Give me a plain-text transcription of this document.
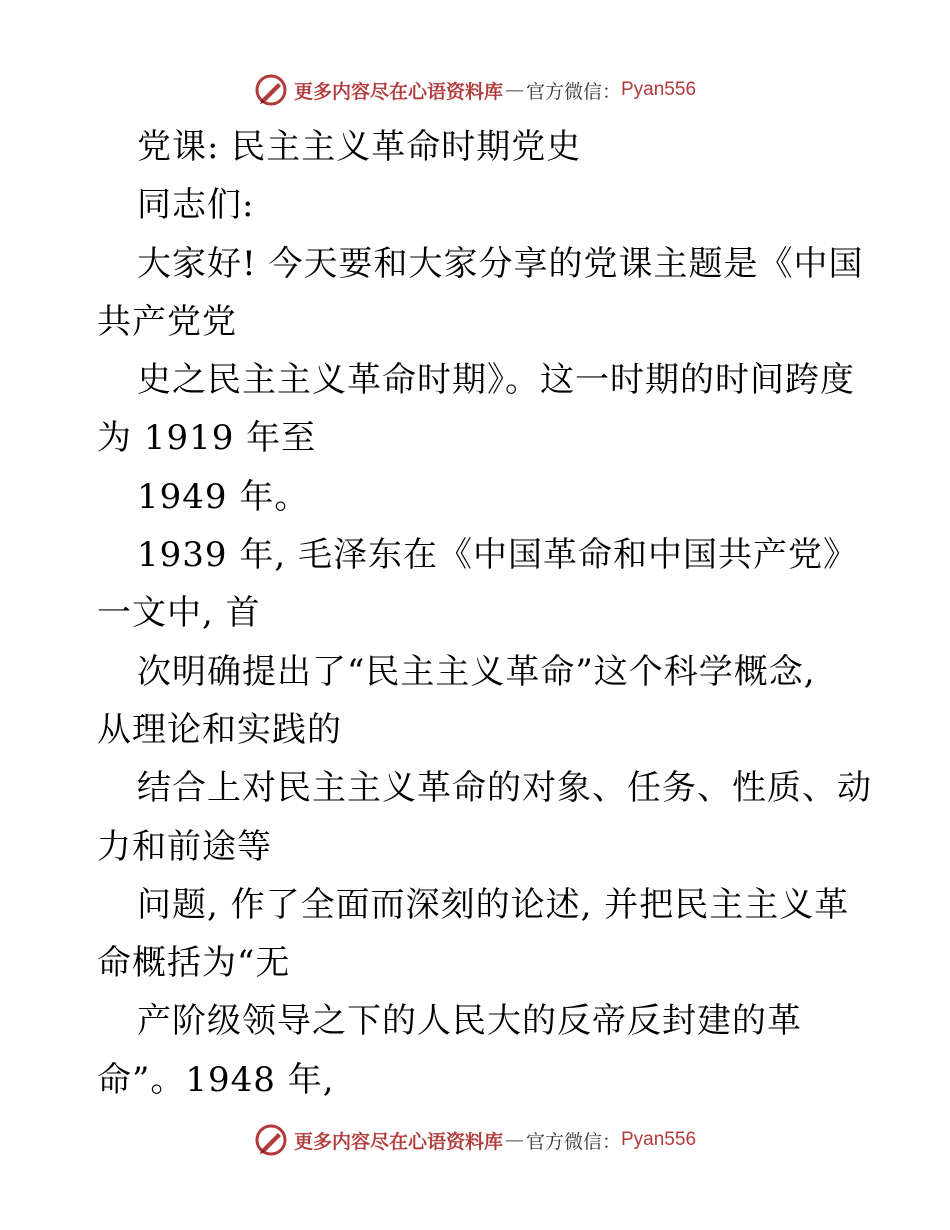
更多内容尽在心语资料库 — 官方微信： Pyan556
党课: 民主主义革命时期党史
同志们:
大家好! 今天要和大家分享的党课主题是《中国
共产党党
史之民主主义革命时期》。这一时期的时间跨度
为 1919 年至
1949 年。
1939 年, 毛泽东在《中国革命和中国共产党》
一文中, 首
次明确提出了“民主主义革命”这个科学概念,
从理论和实践的
结合上对民主主义革命的对象、任务、性质、动
力和前途等
问题, 作了全面而深刻的论述, 并把民主主义革
命概括为“无
产阶级领导之下的人民大的反帝反封建的革
命”。1948 年,
更多内容尽在心语资料库 — 官方微信： Pyan556
